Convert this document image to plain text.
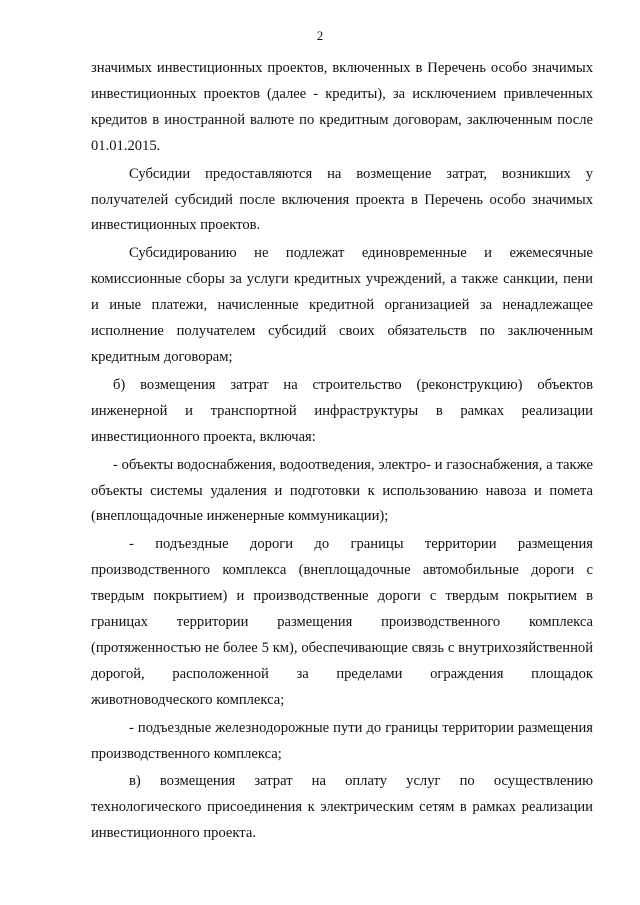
2

значимых инвестиционных проектов, включенных в Перечень особо значимых инвестиционных проектов (далее - кредиты), за исключением привлеченных кредитов в иностранной валюте по кредитным договорам, заключенным после 01.01.2015.

Субсидии предоставляются на возмещение затрат, возникших у получателей субсидий после включения проекта в Перечень особо значимых инвестиционных проектов.

Субсидированию не подлежат единовременные и ежемесячные комиссионные сборы за услуги кредитных учреждений, а также санкции, пени и иные платежи, начисленные кредитной организацией за ненадлежащее исполнение получателем субсидий своих обязательств по заключенным кредитным договорам;

б) возмещения затрат на строительство (реконструкцию) объектов инженерной и транспортной инфраструктуры в рамках реализации инвестиционного проекта, включая:

- объекты водоснабжения, водоотведения, электро- и газоснабжения, а также объекты системы удаления и подготовки к использованию навоза и помета (внеплощадочные инженерные коммуникации);

- подъездные дороги до границы территории размещения производственного комплекса (внеплощадочные автомобильные дороги с твердым покрытием) и производственные дороги с твердым покрытием в границах территории размещения производственного комплекса (протяженностью не более 5 км), обеспечивающие связь с внутрихозяйственной дорогой, расположенной за пределами ограждения площадок животноводческого комплекса;

- подъездные железнодорожные пути до границы территории размещения производственного комплекса;

в) возмещения затрат на оплату услуг по осуществлению технологического присоединения к электрическим сетям в рамках реализации инвестиционного проекта.
